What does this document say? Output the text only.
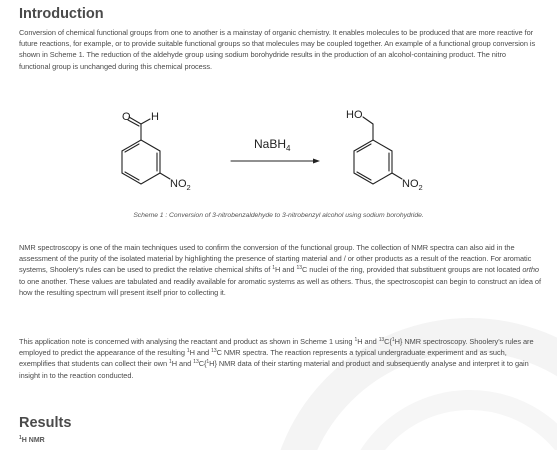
Introduction

Conversion of chemical functional groups from one to another is a mainstay of organic chemistry. It enables molecules to be produced that are more reactive for future reactions, for example, or to provide suitable functional groups so that molecules may be coupled together. An example of a functional group conversion is shown in Scheme 1. The reduction of the aldehyde group using sodium borohydride results in the production of an alcohol-containing product. The nitro functional group is unchanged during this chemical process.

O H
$NO_2$
NaBH$_4$
HO
$NO_2$
Scheme 1 : Conversion of 3-nitrobenzaldehyde to 3-nitrobenzyl alcohol using sodium borohydride.

NMR spectroscopy is one of the main techniques used to confirm the conversion of the functional group. The collection of NMR spectra can also aid in the assessment of the purity of the isolated material by highlighting the presence of starting material and / or other products as a result of the reaction. For aromatic systems, Shoolery's rules can be used to predict the relative chemical shifts of $^1$H and $^{13}$C nuclei of the ring, provided that substituent groups are not located ortho to one another. These values are tabulated and readily available for aromatic systems as well as others. Thus, the spectroscopist can begin to construct an idea of how the resulting spectrum will present itself prior to collecting it.

This application note is concerned with analysing the reactant and product as shown in Scheme 1 using $^1$H and $^{13}$C{$^1$H} NMR spectroscopy. Shoolery's rules are employed to predict the appearance of the resulting $^1$H and $^{13}$C NMR spectra. The reaction represents a typical undergraduate experiment and as such, exemplifies that students can collect their own $^1$H and $^{13}$C{$^1$H} NMR data of their starting material and product and subsequently analyse and interpret it to gain insight in to the reaction conducted.

Results
$^1$H NMR
